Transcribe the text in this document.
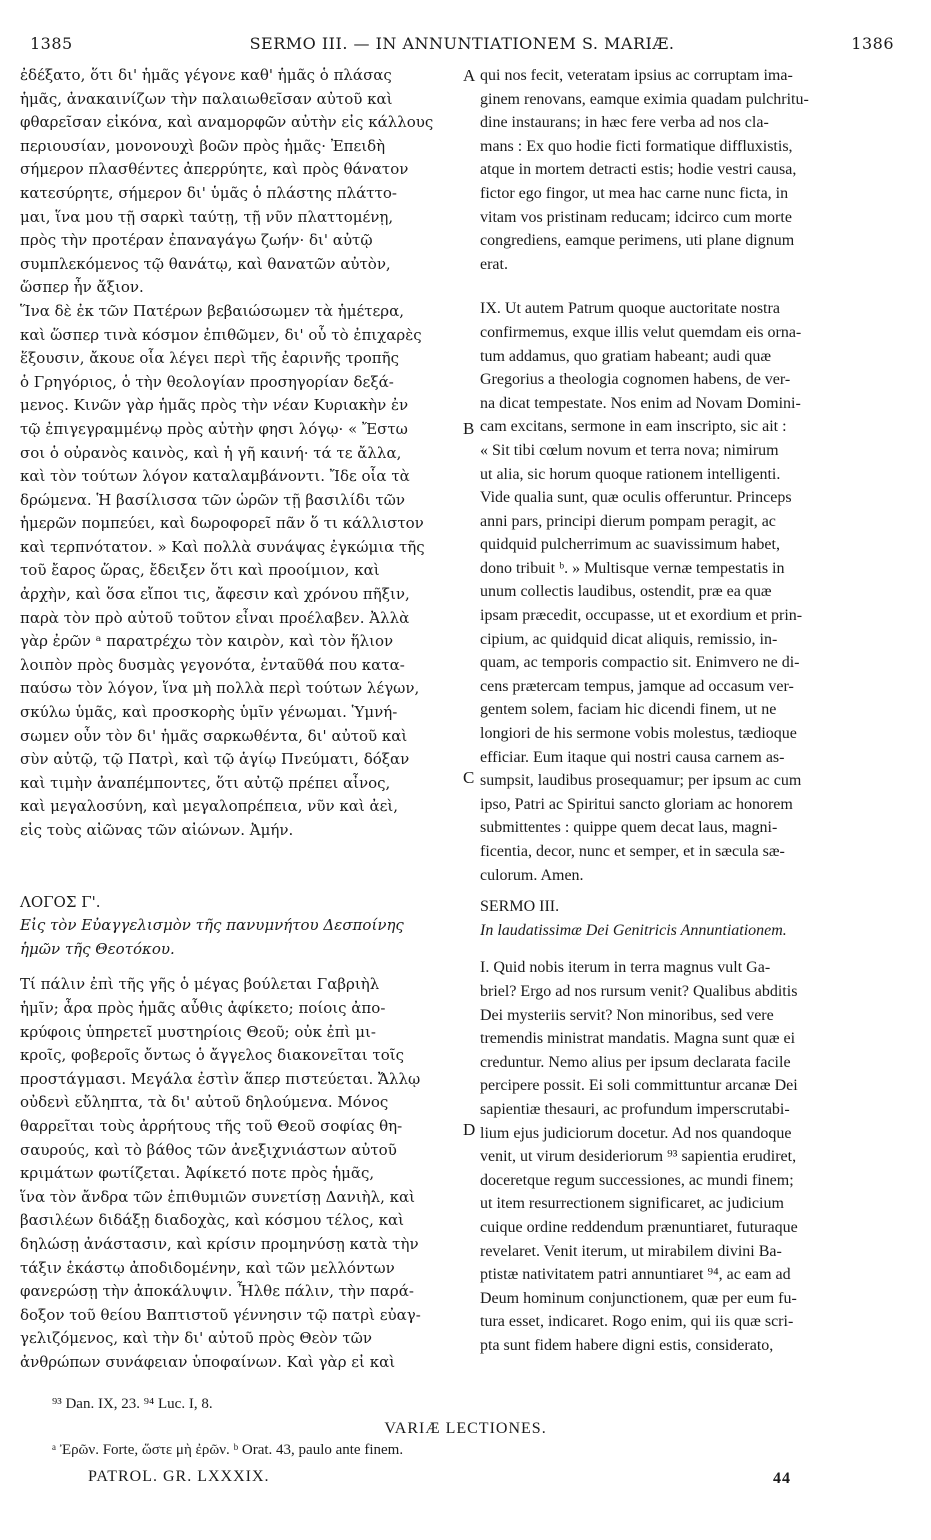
1385	SERMO III. — IN ANNUNTIATIONEM S. MARIÆ.	1386
A
B
C
D

ἐδέξατο, ὅτι δι' ἡμᾶς γέγονε καθ' ἡμᾶς ὁ πλάσας
ἡμᾶς, ἀνακαινίζων τὴν παλαιωθεῖσαν αὐτοῦ καὶ
φθαρεῖσαν εἰκόνα, καὶ αναμορφῶν αὐτὴν εἰς κάλλους
περιουσίαν, μονονουχὶ βοῶν πρὸς ἡμᾶς· Ἐπειδὴ
σήμερον πλασθέντες ἀπερρύητε, καὶ πρὸς θάνατον
κατεσύρητε, σήμερον δι' ὑμᾶς ὁ πλάστης πλάττο-
μαι, ἵνα μου τῇ σαρκὶ ταύτῃ, τῇ νῦν πλαττομένῃ,
πρὸς τὴν προτέραν ἐπαναγάγω ζωήν· δι' αὐτῷ
συμπλεκόμενος τῷ θανάτῳ, καὶ θανατῶν αὐτὸν,
ὥσπερ ἦν ἄξιον.

Ἵνα δὲ ἐκ τῶν Πατέρων βεβαιώσωμεν τὰ ἡμέτερα,
καὶ ὥσπερ τινὰ κόσμον ἐπιθῶμεν, δι' οὗ τὸ ἐπιχαρὲς
ἕξουσιν, ἄκουε οἷα λέγει περὶ τῆς ἐαρινῆς τροπῆς
ὁ Γρηγόριος, ὁ τὴν θεολογίαν προσηγορίαν δεξά-
μενος. Κινῶν γὰρ ἡμᾶς πρὸς τὴν νέαν Κυριακὴν ἐν
τῷ ἐπιγεγραμμένῳ πρὸς αὐτὴν φησι λόγῳ· « Ἔστω
σοι ὁ οὐρανὸς καινὸς, καὶ ἡ γῆ καινή· τά τε ἄλλα,
καὶ τὸν τούτων λόγον καταλαμβάνοντι. Ἴδε οἷα τὰ
δρώμενα. Ἡ βασίλισσα τῶν ὡρῶν τῇ βασιλίδι τῶν
ἡμερῶν πομπεύει, καὶ δωροφορεῖ πᾶν ὅ τι κάλλιστον
καὶ τερπνότατον. » Καὶ πολλὰ συνάψας ἐγκώμια τῆς
τοῦ ἔαρος ὥρας, ἔδειξεν ὅτι καὶ προοίμιον, καὶ
ἀρχὴν, καὶ ὅσα εἴποι τις, ἄφεσιν καὶ χρόνου πῆξιν,
παρὰ τὸν πρὸ αὐτοῦ τοῦτον εἶναι προέλαβεν. Ἀλλὰ
γὰρ ἐρῶν ᵃ παρατρέχω τὸν καιρὸν, καὶ τὸν ἥλιον
λοιπὸν πρὸς δυσμὰς γεγονότα, ἐνταῦθά που κατα-
παύσω τὸν λόγον, ἵνα μὴ πολλὰ περὶ τούτων λέγων,
σκύλω ὑμᾶς, καὶ προσκορὴς ὑμῖν γένωμαι. Ὑμνή-
σωμεν οὖν τὸν δι' ἡμᾶς σαρκωθέντα, δι' αὐτοῦ καὶ
σὺν αὐτῷ, τῷ Πατρὶ, καὶ τῷ ἁγίῳ Πνεύματι, δόξαν
καὶ τιμὴν ἀναπέμποντες, ὅτι αὐτῷ πρέπει αἶνος,
καὶ μεγαλοσύνη, καὶ μεγαλοπρέπεια, νῦν καὶ ἀεὶ,
εἰς τοὺς αἰῶνας τῶν αἰώνων. Ἀμήν.

ΛΟΓΟΣ Γ'.

Εἰς τὸν Εὐαγγελισμὸν τῆς πανυμνήτου Δεσποίνης
ἡμῶν τῆς Θεοτόκου.

Τί πάλιν ἐπὶ τῆς γῆς ὁ μέγας βούλεται Γαβριὴλ
ἡμῖν; ἆρα πρὸς ἡμᾶς αὖθις ἀφίκετο; ποίοις ἀπο-
κρύφοις ὑπηρετεῖ μυστηρίοις Θεοῦ; οὐκ ἐπὶ μι-
κροῖς, φοβεροῖς ὄντως ὁ ἄγγελος διακονεῖται τοῖς
προστάγμασι. Μεγάλα ἐστὶν ἅπερ πιστεύεται. Ἄλλῳ
οὐδενὶ εὔληπτα, τὰ δι' αὐτοῦ δηλούμενα. Μόνος
θαρρεῖται τοὺς ἀρρήτους τῆς τοῦ Θεοῦ σοφίας θη-
σαυρούς, καὶ τὸ βάθος τῶν ἀνεξιχνιάστων αὐτοῦ
κριμάτων φωτίζεται. Ἀφίκετό ποτε πρὸς ἡμᾶς,
ἵνα τὸν ἄνδρα τῶν ἐπιθυμιῶν συνετίσῃ Δανιὴλ, καὶ
βασιλέων διδάξῃ διαδοχὰς, καὶ κόσμου τέλος, καὶ
δηλώσῃ ἀνάστασιν, καὶ κρίσιν προμηνύσῃ κατὰ τὴν
τάξιν ἑκάστῳ ἀποδιδομένην, καὶ τῶν μελλόντων
φανερώσῃ τὴν ἀποκάλυψιν. Ἦλθε πάλιν, τὴν παρά-
δοξον τοῦ θείου Βαπτιστοῦ γέννησιν τῷ πατρὶ εὐαγ-
γελιζόμενος, καὶ τὴν δι' αὐτοῦ πρὸς Θεὸν τῶν
ἀνθρώπων συνάφειαν ὑποφαίνων. Καὶ γὰρ εἰ καὶ

qui nos fecit, veteratam ipsius ac corruptam ima-
ginem renovans, eamque eximia quadam pulchritu-
dine instaurans; in hæc fere verba ad nos cla-
mans : Ex quo hodie ficti formatique diffluxistis,
atque in mortem detracti estis; hodie vestri causa,
fictor ego fingor, ut mea hac carne nunc ficta, in
vitam vos pristinam reducam; idcirco cum morte
congrediens, eamque perimens, uti plane dignum
erat.

IX. Ut autem Patrum quoque auctoritate nostra
confirmemus, exque illis velut quemdam eis orna-
tum addamus, quo gratiam habeant; audi quæ
Gregorius a theologia cognomen habens, de ver-
na dicat tempestate. Nos enim ad Novam Domini-
cam excitans, sermone in eam inscripto, sic ait :
« Sit tibi cœlum novum et terra nova; nimirum
ut alia, sic horum quoque rationem intelligenti.
Vide qualia sunt, quæ oculis offeruntur. Princeps
anni pars, principi dierum pompam peragit, ac
quidquid pulcherrimum ac suavissimum habet,
dono tribuit ᵇ. » Multisque vernæ tempestatis in
unum collectis laudibus, ostendit, præ ea quæ
ipsam præcedit, occupasse, ut et exordium et prin-
cipium, ac quidquid dicat aliquis, remissio, in-
quam, ac temporis compactio sit. Enimvero ne di-
cens prætercam tempus, jamque ad occasum ver-
gentem solem, faciam hic dicendi finem, ut ne
longiori de his sermone vobis molestus, tædioque
efficiar. Eum itaque qui nostri causa carnem as-
sumpsit, laudibus prosequamur; per ipsum ac cum
ipso, Patri ac Spiritui sancto gloriam ac honorem
submittentes : quippe quem decat laus, magni-
ficentia, decor, nunc et semper, et in sæcula sæ-
culorum. Amen.

SERMO III.

In laudatissimæ Dei Genitricis Annuntiationem.

I. Quid nobis iterum in terra magnus vult Ga-
briel? Ergo ad nos rursum venit? Qualibus abditis
Dei mysteriis servit? Non minoribus, sed vere
tremendis ministrat mandatis. Magna sunt quæ ei
creduntur. Nemo alius per ipsum declarata facile
percipere possit. Ei soli committuntur arcanæ Dei
sapientiæ thesauri, ac profundum imperscrutabi-
lium ejus judiciorum docetur. Ad nos quandoque
venit, ut virum desideriorum ⁹³ sapientia erudiret,
doceretque regum successiones, ac mundi finem;
ut item resurrectionem significaret, ac judicium
cuique ordine reddendum prænuntiaret, futuraque
revelaret. Venit iterum, ut mirabilem divini Ba-
ptistæ nativitatem patri annuntiaret ⁹⁴, ac eam ad
Deum hominum conjunctionem, quæ per eum fu-
tura esset, indicaret. Rogo enim, qui iis quæ scri-
pta sunt fidem habere digni estis, considerato,

⁹³ Dan. IX, 23. ⁹⁴ Luc. I, 8.
VARIÆ LECTIONES.
ᵃ Ἐρῶν. Forte, ὥστε μὴ ἐρῶν. ᵇ Orat. 43, paulo ante finem.
PATROL. GR. LXXXIX.	44
